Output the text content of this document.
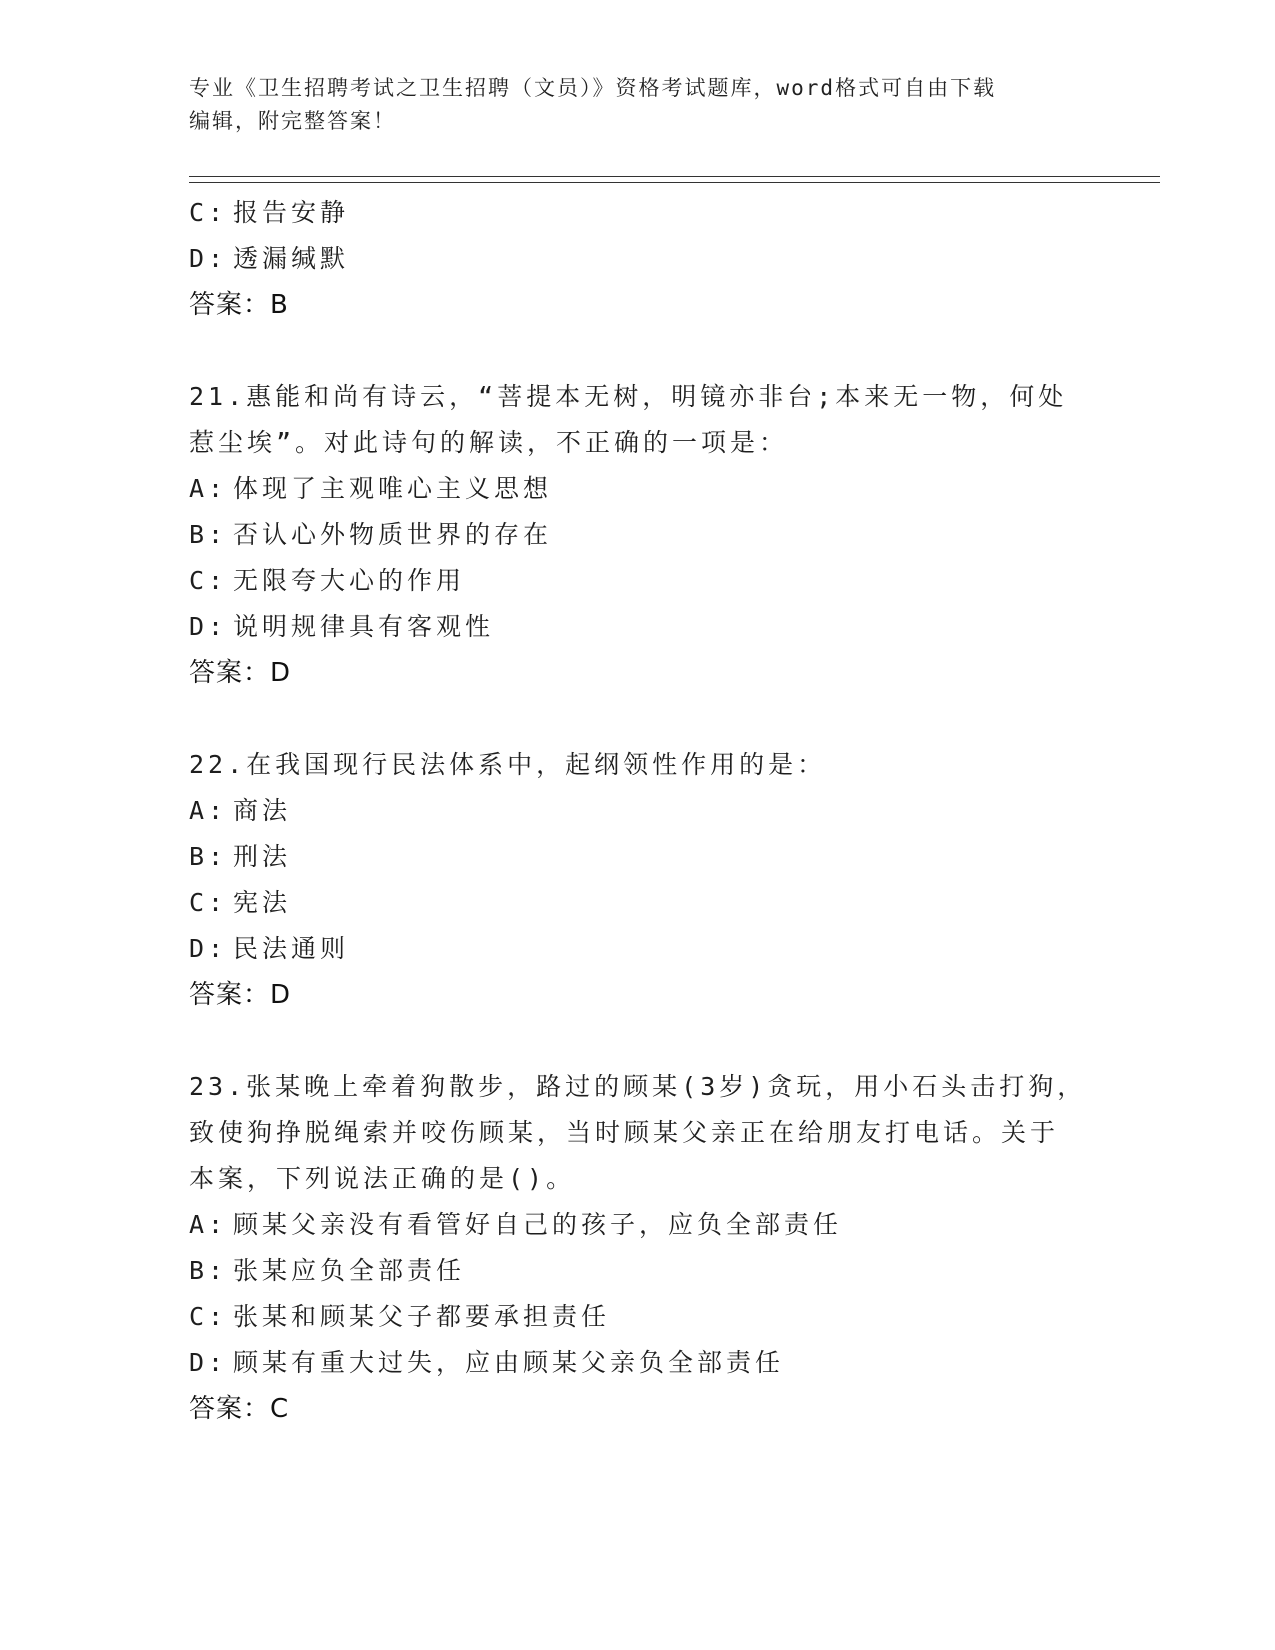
专业《卫生招聘考试之卫生招聘（文员）》资格考试题库，word格式可自由下载
编辑，附完整答案！
C: 报告安静
D: 透漏缄默
答案：B
21.惠能和尚有诗云，“菩提本无树，明镜亦非台;本来无一物，何处
惹尘埃”。对此诗句的解读，不正确的一项是：
A: 体现了主观唯心主义思想
B: 否认心外物质世界的存在
C: 无限夸大心的作用
D: 说明规律具有客观性
答案：D
22.在我国现行民法体系中，起纲领性作用的是：
A: 商法
B: 刑法
C: 宪法
D: 民法通则
答案：D
23.张某晚上牵着狗散步，路过的顾某(3岁)贪玩，用小石头击打狗，
致使狗挣脱绳索并咬伤顾某，当时顾某父亲正在给朋友打电话。关于
本案，下列说法正确的是()。
A: 顾某父亲没有看管好自己的孩子，应负全部责任
B: 张某应负全部责任
C: 张某和顾某父子都要承担责任
D: 顾某有重大过失，应由顾某父亲负全部责任
答案：C
